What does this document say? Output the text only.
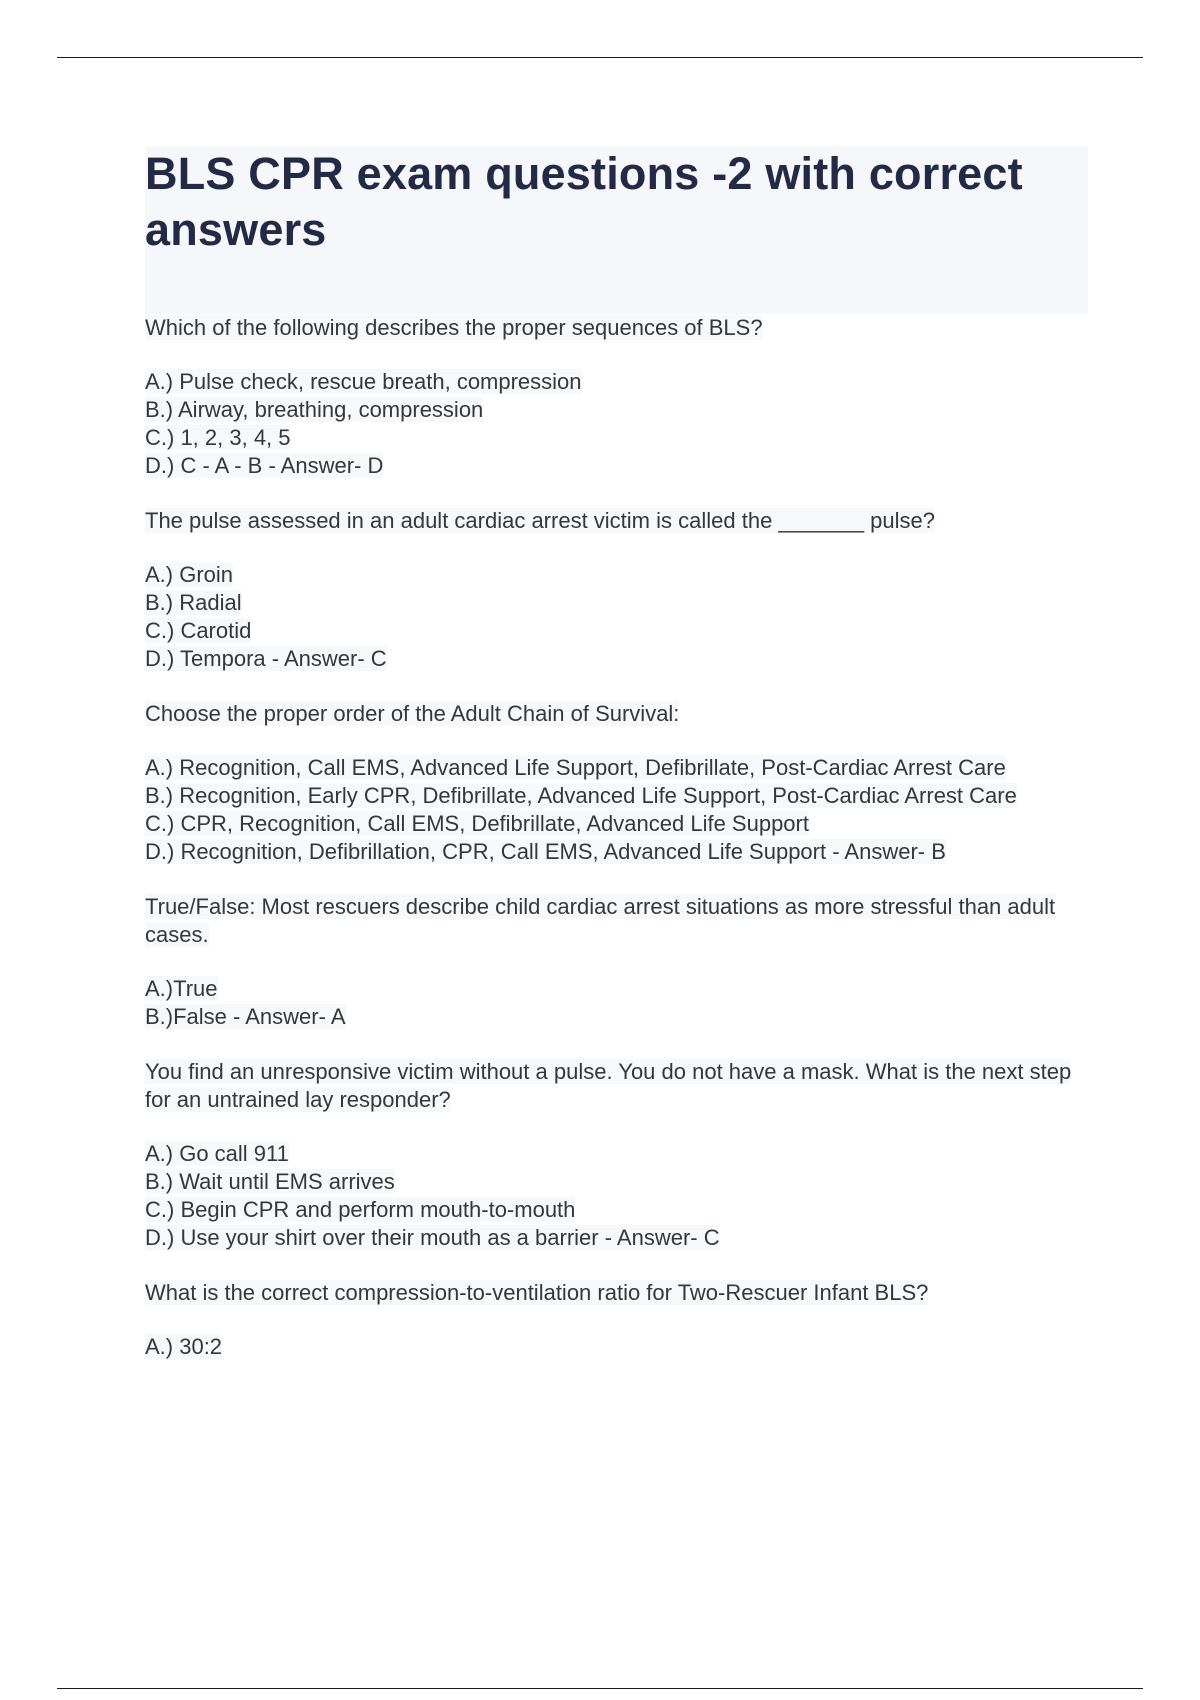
BLS CPR exam questions -2 with correct answers

Which of the following describes the proper sequences of BLS?

A.) Pulse check, rescue breath, compression
B.) Airway, breathing, compression
C.) 1, 2, 3, 4, 5
D.) C - A - B - Answer- D

The pulse assessed in an adult cardiac arrest victim is called the _______ pulse?

A.) Groin
B.) Radial
C.) Carotid
D.) Tempora - Answer- C

Choose the proper order of the Adult Chain of Survival:

A.) Recognition, Call EMS, Advanced Life Support, Defibrillate, Post-Cardiac Arrest Care
B.) Recognition, Early CPR, Defibrillate, Advanced Life Support, Post-Cardiac Arrest Care
C.) CPR, Recognition, Call EMS, Defibrillate, Advanced Life Support
D.) Recognition, Defibrillation, CPR, Call EMS, Advanced Life Support - Answer- B

True/False: Most rescuers describe child cardiac arrest situations as more stressful than adult cases.

A.)True
B.)False - Answer- A

You find an unresponsive victim without a pulse. You do not have a mask. What is the next step for an untrained lay responder?

A.) Go call 911
B.) Wait until EMS arrives
C.) Begin CPR and perform mouth-to-mouth
D.) Use your shirt over their mouth as a barrier - Answer- C

What is the correct compression-to-ventilation ratio for Two-Rescuer Infant BLS?

A.) 30:2
